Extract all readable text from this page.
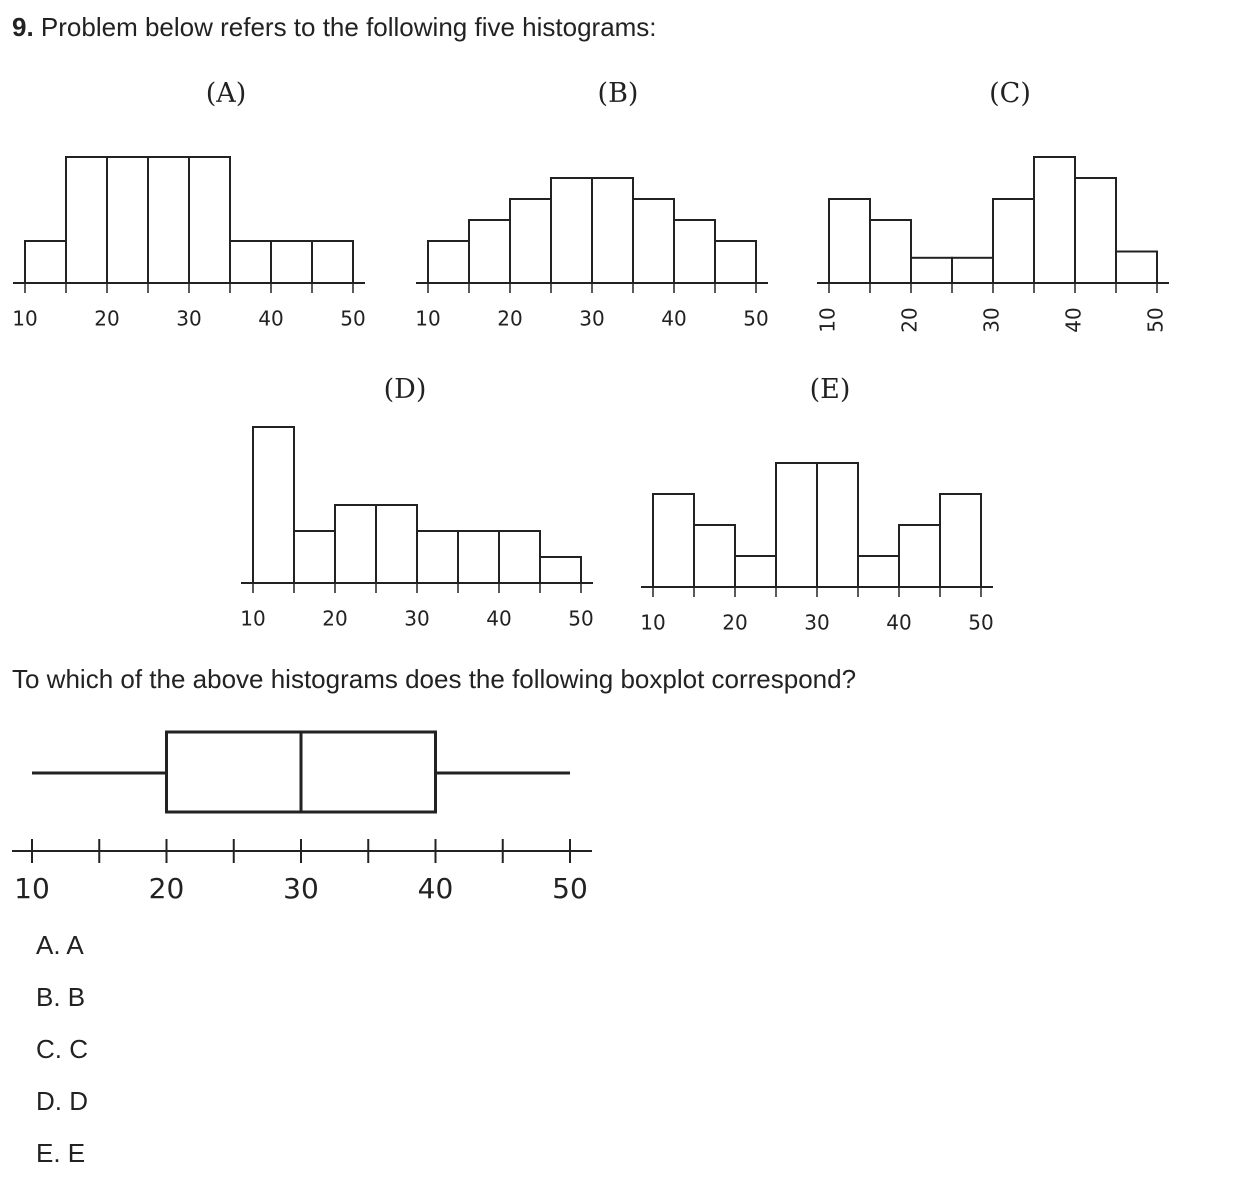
9. Problem below refers to the following five histograms:
(A)
10	20	30	40	50
(B)
10	20	30	40	50
(C)
10	20	30	40	50
(D)
10	20	30	40	50
(E)
10	20	30	40	50
10	20	30	40	50

To which of the above histograms does the following boxplot correspond?

A. A
B. B
C. C
D. D
E. E
